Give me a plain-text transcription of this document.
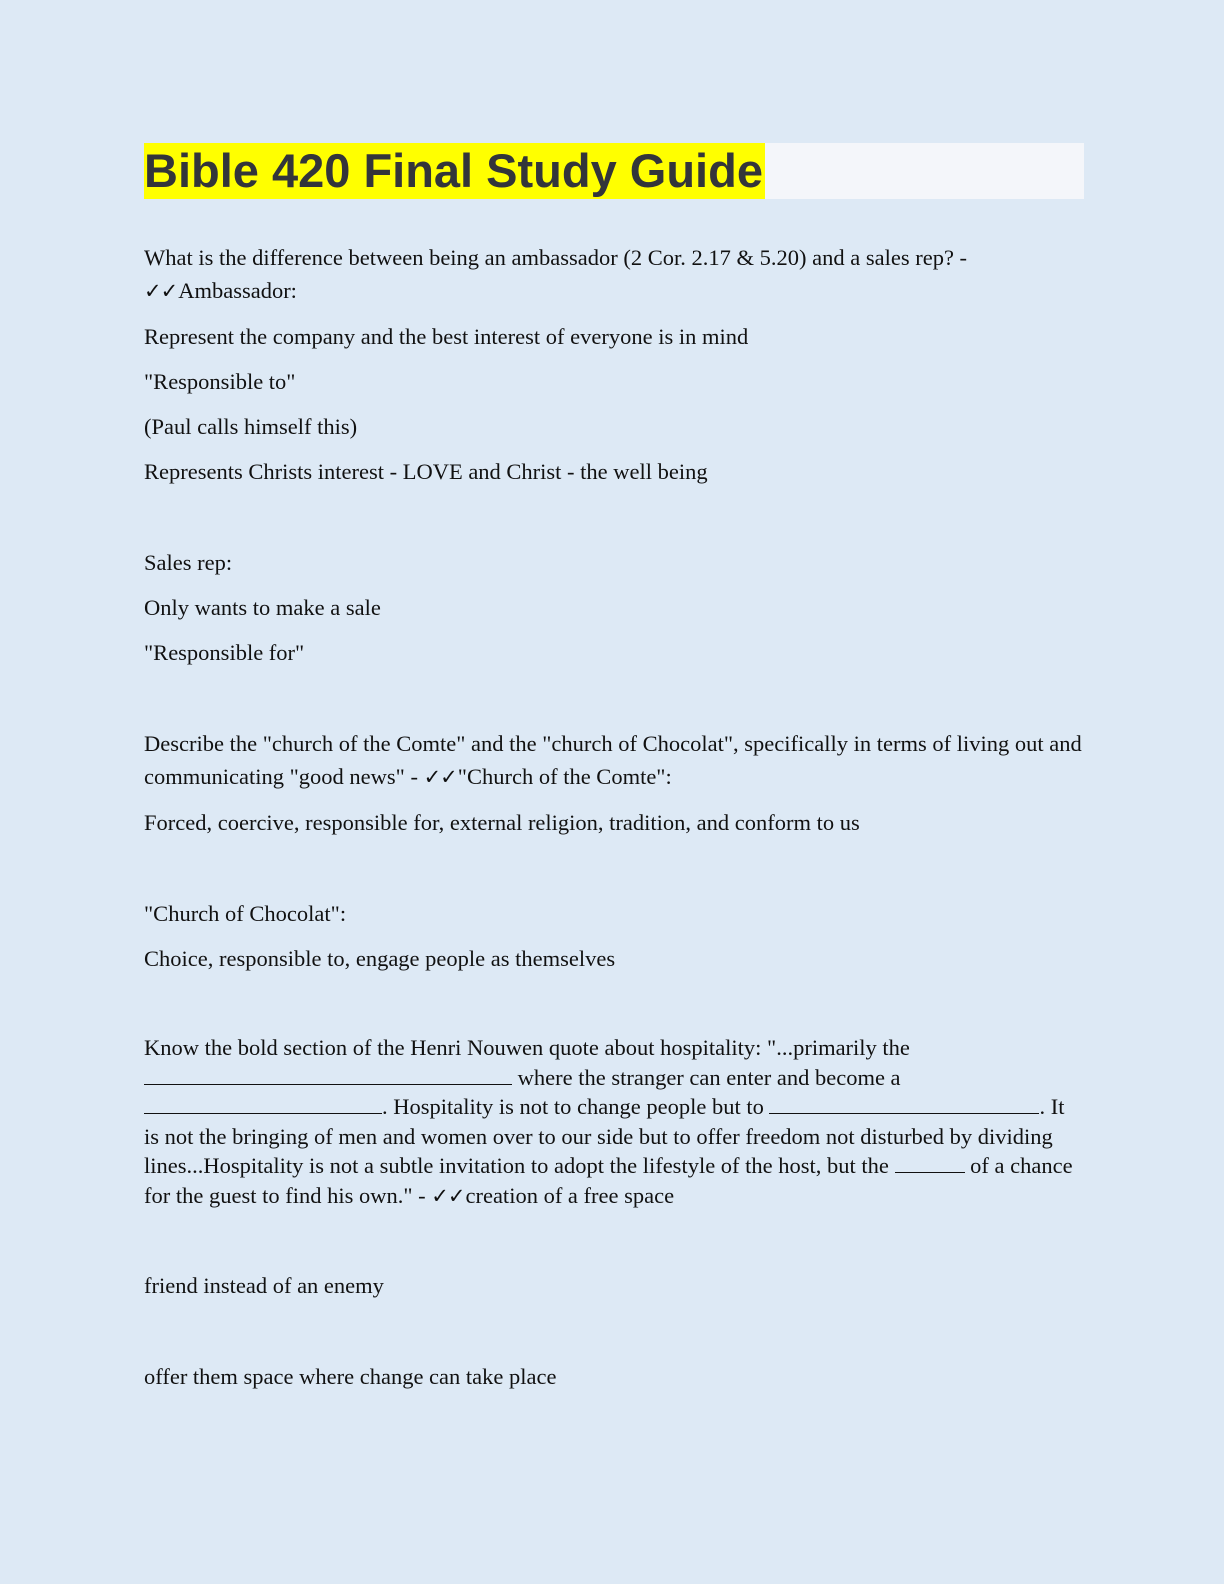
Bible 420 Final Study Guide
What is the difference between being an ambassador (2 Cor. 2.17 & 5.20) and a sales rep? - ✓✓Ambassador:
Represent the company and the best interest of everyone is in mind
"Responsible to"
(Paul calls himself this)
Represents Christs interest - LOVE and Christ - the well being
Sales rep:
Only wants to make a sale
"Responsible for"
Describe the "church of the Comte" and the "church of Chocolat", specifically in terms of living out and communicating "good news" - ✓✓"Church of the Comte":
Forced, coercive, responsible for, external religion, tradition, and conform to us
"Church of Chocolat":
Choice, responsible to, engage people as themselves
Know the bold section of the Henri Nouwen quote about hospitality: "...primarily the  where the stranger can enter and become a . Hospitality is not to change people but to	. It is not the bringing of men and women over to our side but to offer freedom not disturbed by dividing lines...Hospitality is not a subtle invitation to adopt the lifestyle of the host, but the	of a chance for the guest to find his own." - ✓✓creation of a free space
friend instead of an enemy
offer them space where change can take place
